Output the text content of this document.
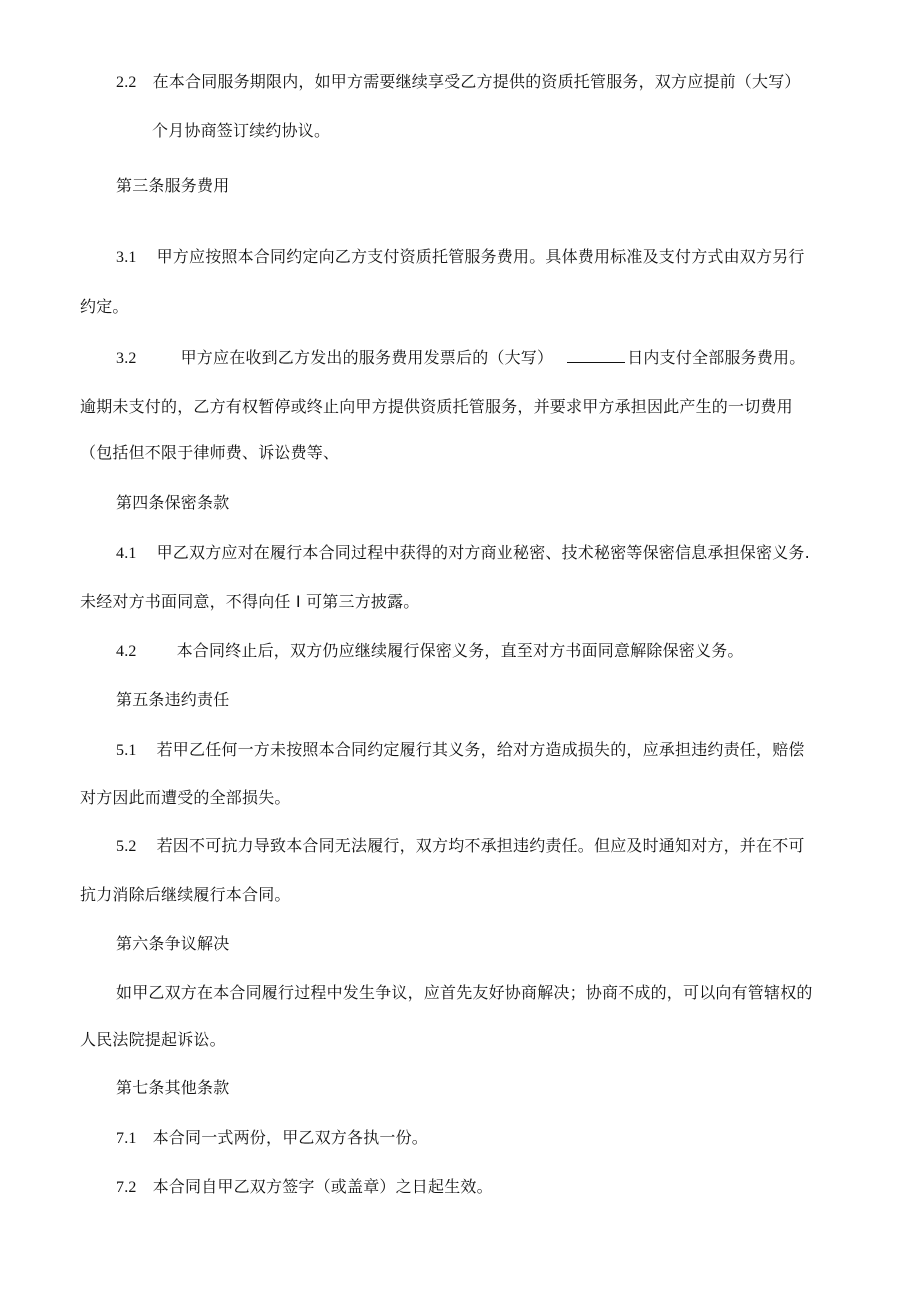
2.2 在本合同服务期限内，如甲方需要继续享受乙方提供的资质托管服务，双方应提前（大写）
个月协商签订续约协议。
第三条服务费用
3.1 甲方应按照本合同约定向乙方支付资质托管服务费用。具体费用标准及支付方式由双方另行
约定。
3.2	甲方应在收到乙方发出的服务费用发票后的（大写）	日内支付全部服务费用。
逾期未支付的，乙方有权暂停或终止向甲方提供资质托管服务，并要求甲方承担因此产生的一切费用
（包括但不限于律师费、诉讼费等、
第四条保密条款
4.1 甲乙双方应对在履行本合同过程中获得的对方商业秘密、技术秘密等保密信息承担保密义务.
未经对方书面同意，不得向任 I 可第三方披露。
4.2	本合同终止后，双方仍应继续履行保密义务，直至对方书面同意解除保密义务。
第五条违约责任
5.1 若甲乙任何一方未按照本合同约定履行其义务，给对方造成损失的，应承担违约责任，赔偿
对方因此而遭受的全部损失。
5.2 若因不可抗力导致本合同无法履行，双方均不承担违约责任。但应及时通知对方，并在不可
抗力消除后继续履行本合同。
第六条争议解决
如甲乙双方在本合同履行过程中发生争议，应首先友好协商解决；协商不成的，可以向有管辖权的
人民法院提起诉讼。
第七条其他条款
7.1 本合同一式两份，甲乙双方各执一份。
7.2 本合同自甲乙双方签字（或盖章）之日起生效。
